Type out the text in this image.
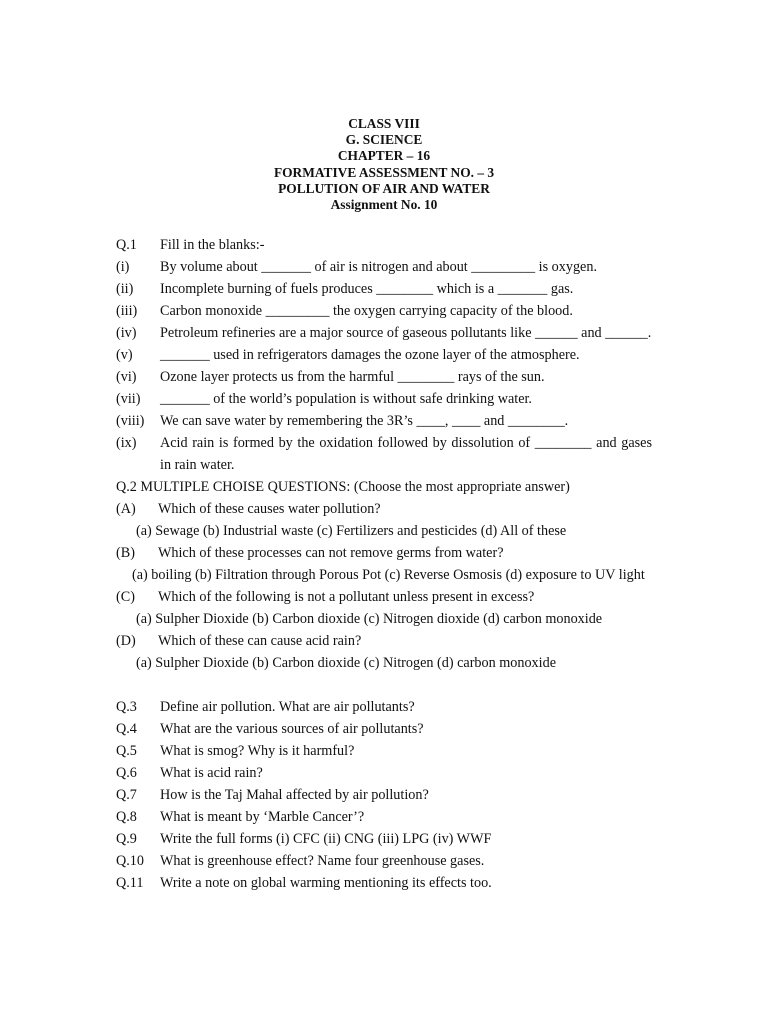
CLASS VIII
G. SCIENCE
CHAPTER – 16
FORMATIVE ASSESSMENT NO. – 3
POLLUTION OF AIR AND WATER
Assignment No. 10
Q.1 Fill in the blanks:-
(i) By volume about _______ of air is nitrogen and about _________ is oxygen.
(ii) Incomplete burning of fuels produces ________ which is a _______ gas.
(iii) Carbon monoxide _________ the oxygen carrying capacity of the blood.
(iv) Petroleum refineries are a major source of gaseous pollutants like ______ and ______.
(v) _______ used in refrigerators damages the ozone layer of the atmosphere.
(vi) Ozone layer protects us from the harmful ________ rays of the sun.
(vii) _______ of the world’s population is without safe drinking water.
(viii) We can save water by remembering the 3R’s ____, ____ and ________.
(ix) Acid rain is formed by the oxidation followed by dissolution of ________ and gases in rain water.
Q.2 MULTIPLE CHOISE QUESTIONS: (Choose the most appropriate answer)
(A) Which of these causes water pollution?
(a) Sewage (b) Industrial waste (c) Fertilizers and pesticides (d) All of these
(B) Which of these processes can not remove germs from water?
(a) boiling (b) Filtration through Porous Pot (c) Reverse Osmosis (d) exposure to UV light
(C) Which of the following is not a pollutant unless present in excess?
(a) Sulpher Dioxide (b) Carbon dioxide (c) Nitrogen dioxide (d) carbon monoxide
(D) Which of these can cause acid rain?
(a) Sulpher Dioxide (b) Carbon dioxide (c) Nitrogen (d) carbon monoxide
Q.3 Define air pollution. What are air pollutants?
Q.4 What are the various sources of air pollutants?
Q.5 What is smog? Why is it harmful?
Q.6 What is acid rain?
Q.7 How is the Taj Mahal affected by air pollution?
Q.8 What is meant by ‘Marble Cancer’?
Q.9 Write the full forms (i) CFC (ii) CNG (iii) LPG (iv) WWF
Q.10 What is greenhouse effect? Name four greenhouse gases.
Q.11 Write a note on global warming mentioning its effects too.
